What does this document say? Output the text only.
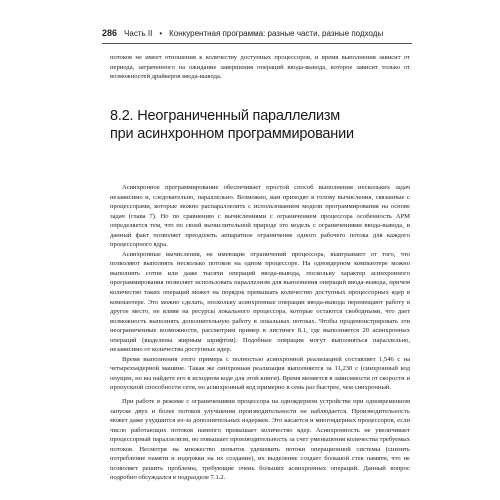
286 Часть II • Конкурентная программа: разные части, разные подходы

потоков не имеет отношения к количеству доступных процессоров, и время выполнения зависит от периода, затраченного на ожидание завершения операций ввода-вывода, которое зависит только от возможностей драйверов ввода-вывода.

8.2. Неограниченный параллелизм
при асинхронном программировании

Асинхронное программирование обеспечивает простой способ выполнения нескольких задач независимо и, следовательно, параллельно. Возможно, вам приходят в голову вычисления, связанные с процессорами, которые можно распараллелить с использованием модели программирования на основе задач (глава 7). Но по сравнению с вычислениями с ограничением процессора особенность АРМ определяется тем, что по своей вычислительной природе это модель с ограничениями ввода-вывода, и данный факт позволяет преодолеть аппаратное ограничение одного рабочего потока для каждого процессорного ядра.

Асинхронные вычисления, не имеющие ограничений процессора, выигрывают от того, что позволяют выполнять несколько потоков на одном процессоре. На одноядерном компьютере можно выполнять сотни или даже тысячи операций ввода-вывода, поскольку характер асинхронного программирования позволяет использовать параллелизм для выполнения операций ввода-вывода, причем количество таких операций может на порядок превышать количество доступных процессорных ядер в компьютере. Это можно сделать, поскольку асинхронные операции ввода-вывода перемещают работу в другое место, не влияя на ресурсы локального процессора, которые остаются свободными, что дает возможность выполнять дополнительную работу в локальных потоках. Чтобы продемонстрировать эти неограниченные возможности, рассмотрим пример в листинге 8.1, где выполняется 20 асинхронных операций (выделены жирным шрифтом). Подобные операции могут выполняться параллельно, независимо от количества доступных ядер.

Время выполнения этого примера с полностью асинхронной реализацией составляет 1,546 с на четырехъядерной машине. Такая же синхронная реализация выполняется за 11,230 с (синхронный код опущен, но вы найдете его в исходном коде для этой книги). Время меняется в зависимости от скорости и пропускной способности сети, но асинхронный код примерно в семь раз быстрее, чем синхронный.

При работе в режиме с ограничениями процессора на одноядерном устройстве при одновременном запуске двух и более потоков улучшения производительности не наблюдается. Производительность может даже ухудшится из-за дополнительных издержек. Это касается и многоядерных процессоров, если число работающих потоков намного превышает количество ядер. Асинхронность не увеличивает процессорный параллелизм, но повышает производительность за счет уменьшения количества требуемых потоков. Несмотря на множество попыток удешевить потоки операционной системы (снизить потребление памяти и издержки на их создание), их выделение создает большой стек памяти, что не позволяет решить проблемы, требующие очень больших асинхронных операций. Данный вопрос подробно обсуждался в подразделе 7.1.2.
